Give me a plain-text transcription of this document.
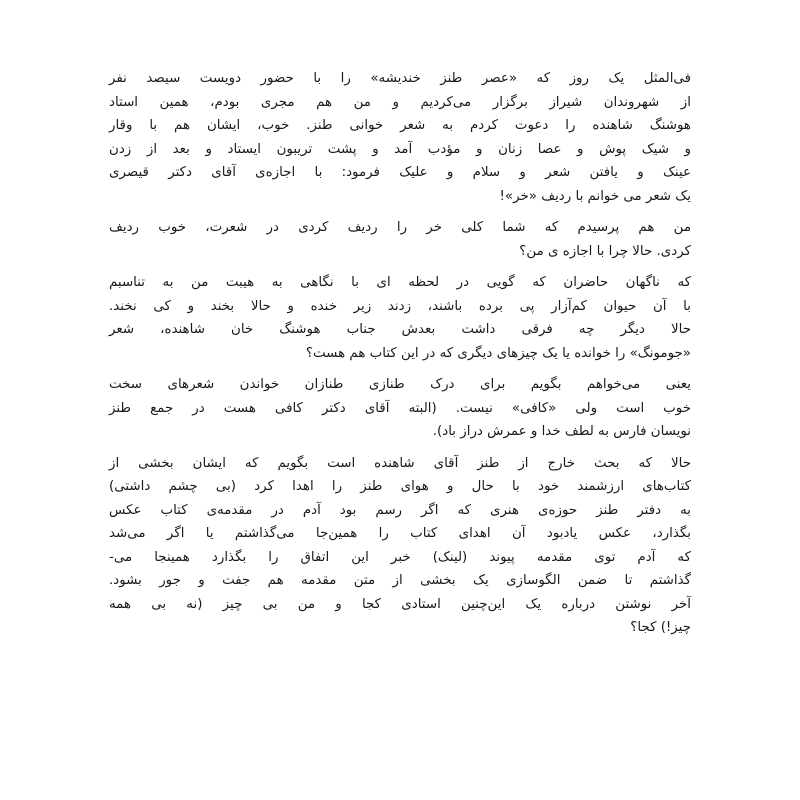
فی‌المثل یک روز که «عصر طنز خندیشه» را با حضور دویست سیصد نفر
از شهروندان شیراز برگزار می‌کردیم و من هم مجری بودم، همین استاد
هوشنگ شاهنده را دعوت کردم به شعر خوانی طنز. خوب، ایشان هم با وقار
و شیک پوش و عصا زنان و مؤدب آمد و پشت تریبون ایستاد و بعد از زدن
عینک و یافتن شعر و سلام و علیک فرمود: با اجازه‌ی آقای دکتر قیصری
یک شعر می خوانم با ردیف «خر»!

من هم پرسیدم که شما کلی خر را ردیف کردی در شعرت، خوب ردیف
کردی. حالا چرا با اجازه ی من؟

که ناگهان حاضران که گویی در لحظه ای با نگاهی به هیبت من به تناسبم
با آن حیوان کم‌آزار پی برده باشند، زدند زیر خنده و حالا بخند و کی نخند.
حالا دیگر چه فرقی داشت بعدش جناب هوشنگ خان شاهنده، شعر
«جومونگ» را خوانده یا یک چیزهای دیگری که در این کتاب هم هست؟

یعنی می‌خواهم بگویم برای درک طنازی طنازان خواندن شعرهای سخت
خوب است ولی «کافی» نیست. (البته آقای دکتر کافی هست در جمع طنز
نویسان فارس به لطف خدا و عمرش دراز باد).

حالا که بحث خارج از طنز آقای شاهنده است بگویم که ایشان بخشی از
کتاب‌های ارزشمند خود با حال و هوای طنز را اهدا کرد (بی چشم داشتی)
به دفتر طنز حوزه‌ی هنری که اگر رسم بود آدم در مقدمه‌ی کتاب عکس
بگذارد، عکس یادبود آن اهدای کتاب را همین‌جا می‌گذاشتم یا اگر می‌شد
که آدم توی مقدمه پیوند (لینک) خبر این اتفاق را بگذارد همینجا می-
گذاشتم تا ضمن الگوسازی یک بخشی از متن مقدمه هم جفت و جور بشود.
آخر نوشتن درباره یک این‌چنین استادی کجا و من بی چیز (نه بی همه
چیز!) کجا؟
